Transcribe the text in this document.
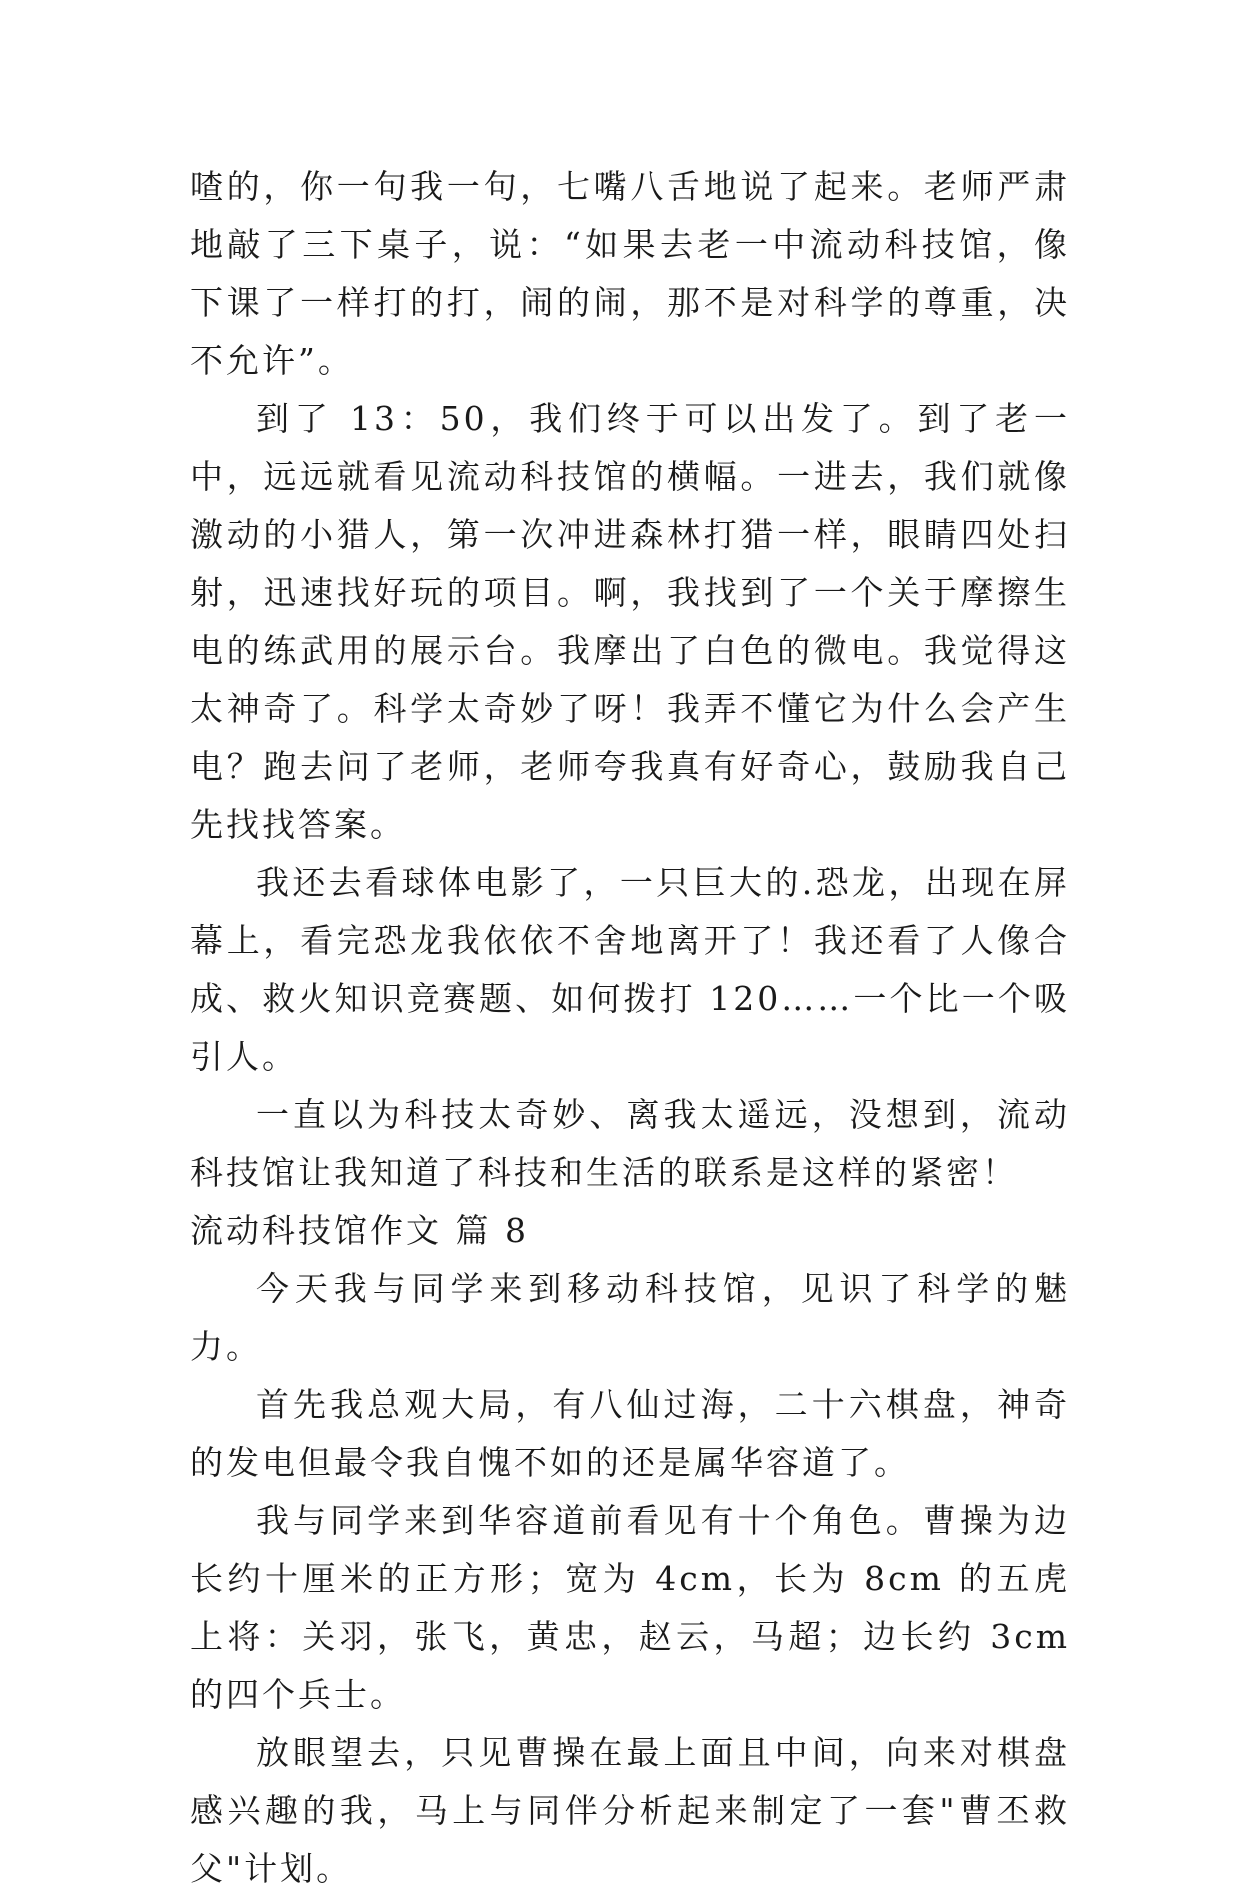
喳的，你一句我一句，七嘴八舌地说了起来。老师严肃地敲了三下桌子，说：“如果去老一中流动科技馆，像下课了一样打的打，闹的闹，那不是对科学的尊重，决不允许”。

到了 13：50，我们终于可以出发了。到了老一中，远远就看见流动科技馆的横幅。一进去，我们就像激动的小猎人，第一次冲进森林打猎一样，眼睛四处扫射，迅速找好玩的项目。啊，我找到了一个关于摩擦生电的练武用的展示台。我摩出了白色的微电。我觉得这太神奇了。科学太奇妙了呀！我弄不懂它为什么会产生电？跑去问了老师，老师夸我真有好奇心，鼓励我自己先找找答案。

我还去看球体电影了，一只巨大的.恐龙，出现在屏幕上，看完恐龙我依依不舍地离开了！我还看了人像合成、救火知识竞赛题、如何拨打 120……一个比一个吸引人。

一直以为科技太奇妙、离我太遥远，没想到，流动科技馆让我知道了科技和生活的联系是这样的紧密！

流动科技馆作文 篇 8

今天我与同学来到移动科技馆，见识了科学的魅力。

首先我总观大局，有八仙过海，二十六棋盘，神奇的发电但最令我自愧不如的还是属华容道了。

我与同学来到华容道前看见有十个角色。曹操为边长约十厘米的正方形；宽为 4cm，长为 8cm 的五虎上将：关羽，张飞，黄忠，赵云，马超；边长约 3cm 的四个兵士。

放眼望去，只见曹操在最上面且中间，向来对棋盘感兴趣的我，马上与同伴分析起来制定了一套"曹丕救父"计划。
